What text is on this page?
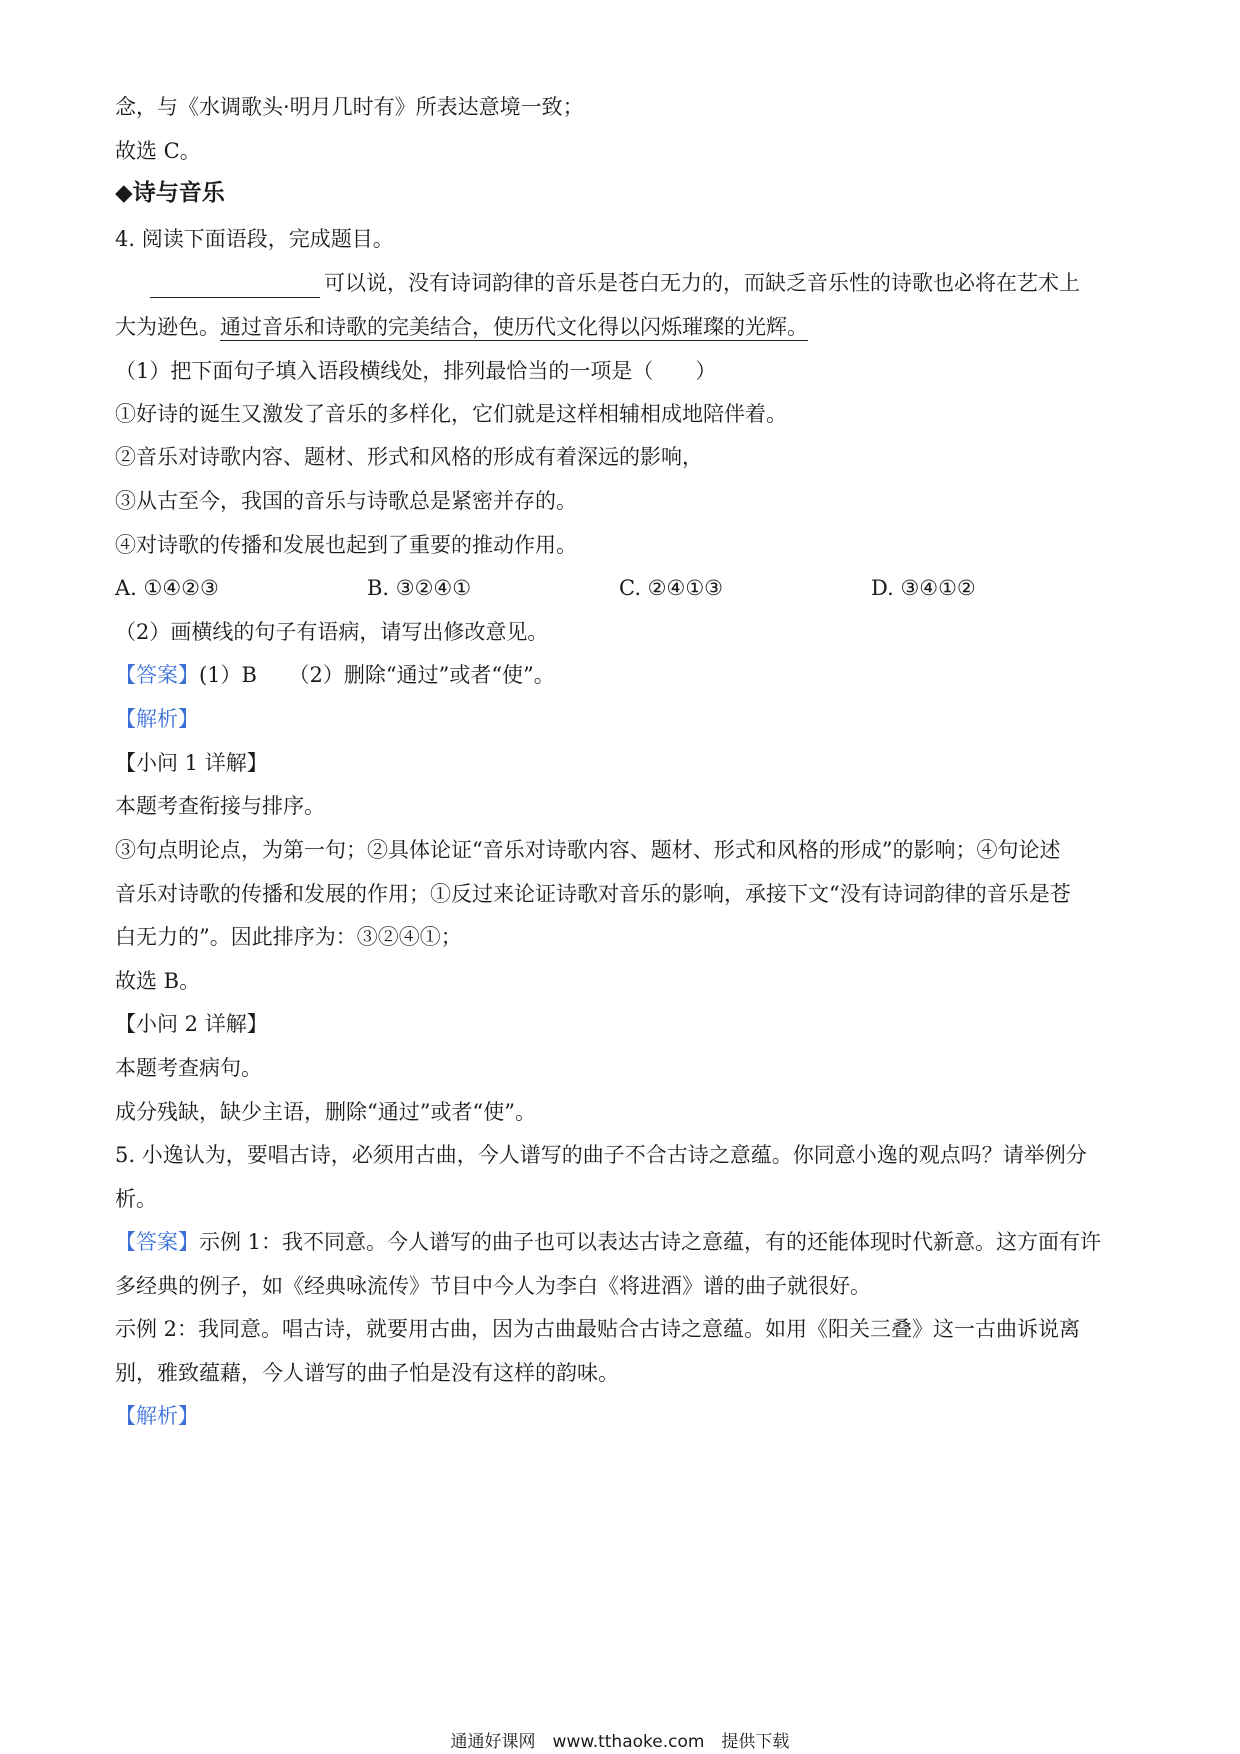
念，与《水调歌头·明月几时有》所表达意境一致；
故选 C。
◆诗与音乐
4. 阅读下面语段，完成题目。
可以说，没有诗词韵律的音乐是苍白无力的，而缺乏音乐性的诗歌也必将在艺术上
大为逊色。通过音乐和诗歌的完美结合，使历代文化得以闪烁璀璨的光辉。
（1）把下面句子填入语段横线处，排列最恰当的一项是（　　）
①好诗的诞生又激发了音乐的多样化，它们就是这样相辅相成地陪伴着。
②音乐对诗歌内容、题材、形式和风格的形成有着深远的影响，
③从古至今，我国的音乐与诗歌总是紧密并存的。
④对诗歌的传播和发展也起到了重要的推动作用。
A. ①④②③	B. ③②④①	C. ②④①③	D. ③④①②
（2）画横线的句子有语病，请写出修改意见。
【答案】(1）B　　（2）删除“通过”或者“使”。
【解析】
【小问 1 详解】
本题考查衔接与排序。
③句点明论点，为第一句；②具体论证“音乐对诗歌内容、题材、形式和风格的形成”的影响；④句论述
音乐对诗歌的传播和发展的作用；①反过来论证诗歌对音乐的影响，承接下文“没有诗词韵律的音乐是苍
白无力的”。因此排序为：③②④①；
故选 B。
【小问 2 详解】
本题考查病句。
成分残缺，缺少主语，删除“通过”或者“使”。
5. 小逸认为，要唱古诗，必须用古曲，今人谱写的曲子不合古诗之意蕴。你同意小逸的观点吗？请举例分
析。
【答案】示例 1：我不同意。今人谱写的曲子也可以表达古诗之意蕴，有的还能体现时代新意。这方面有许
多经典的例子，如《经典咏流传》节目中今人为李白《将进酒》谱的曲子就很好。
示例 2：我同意。唱古诗，就要用古曲，因为古曲最贴合古诗之意蕴。如用《阳关三叠》这一古曲诉说离
别，雅致蕴藉，今人谱写的曲子怕是没有这样的韵味。
【解析】
通通好课网　www.tthaoke.com　提供下载
